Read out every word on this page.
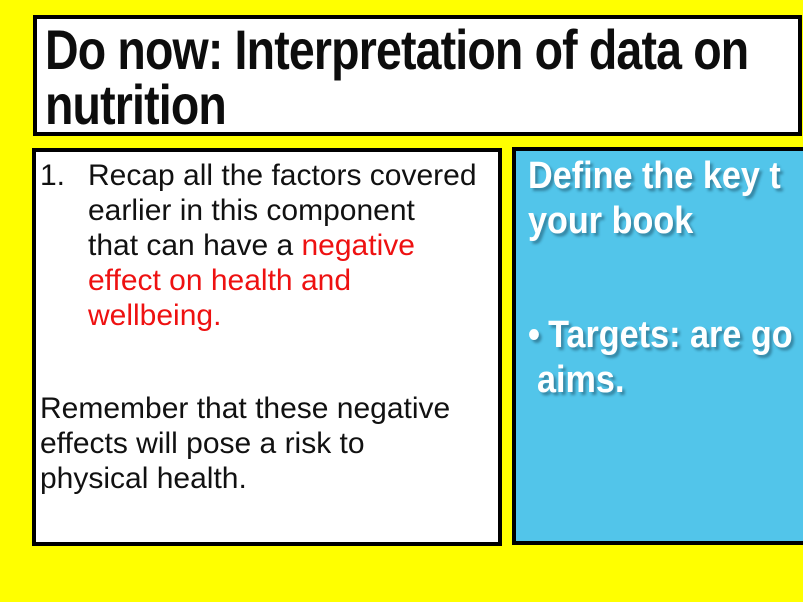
Do now: Interpretation of data on
nutrition
1. Recap all the factors covered
earlier in this component
that can have a negative
effect on health and
wellbeing.
Remember that these negative
effects will pose a risk to
physical health.
Define the key t
your book
• Targets: are go
aims.
